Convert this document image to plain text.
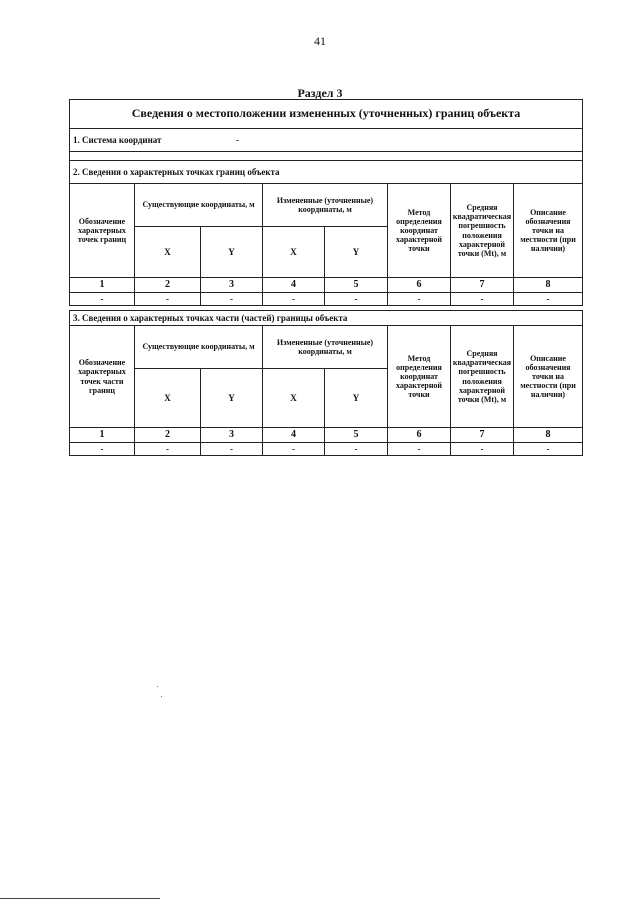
41
Раздел 3
Сведения о местоположении измененных (уточненных) границ объекта							
1. Система координат -							

2. Сведения о характерных точках границ объекта							
Обозначение характерных точек границ	Существующие координаты, м		Измененные (уточненные) координаты, м		Метод определения координат характерной точки	Средняя квадратическая погрешность положения характерной точки (Mt), м	Описание обозначения точки на местности (при наличии)
	X	Y	X	Y			
1	2	3	4	5	6	7	8
-	-	-	-	-	-	-	-

3. Сведения о характерных точках части (частей) границы объекта							
Обозначение характерных точек части границ	Существующие координаты, м		Измененные (уточненные) координаты, м		Метод определения координат характерной точки	Средняя квадратическая погрешность положения характерной точки (Mt), м	Описание обозначения точки на местности (при наличии)
	X	Y	X	Y			
1	2	3	4	5	6	7	8
-	-	-	-	-	-	-	-
